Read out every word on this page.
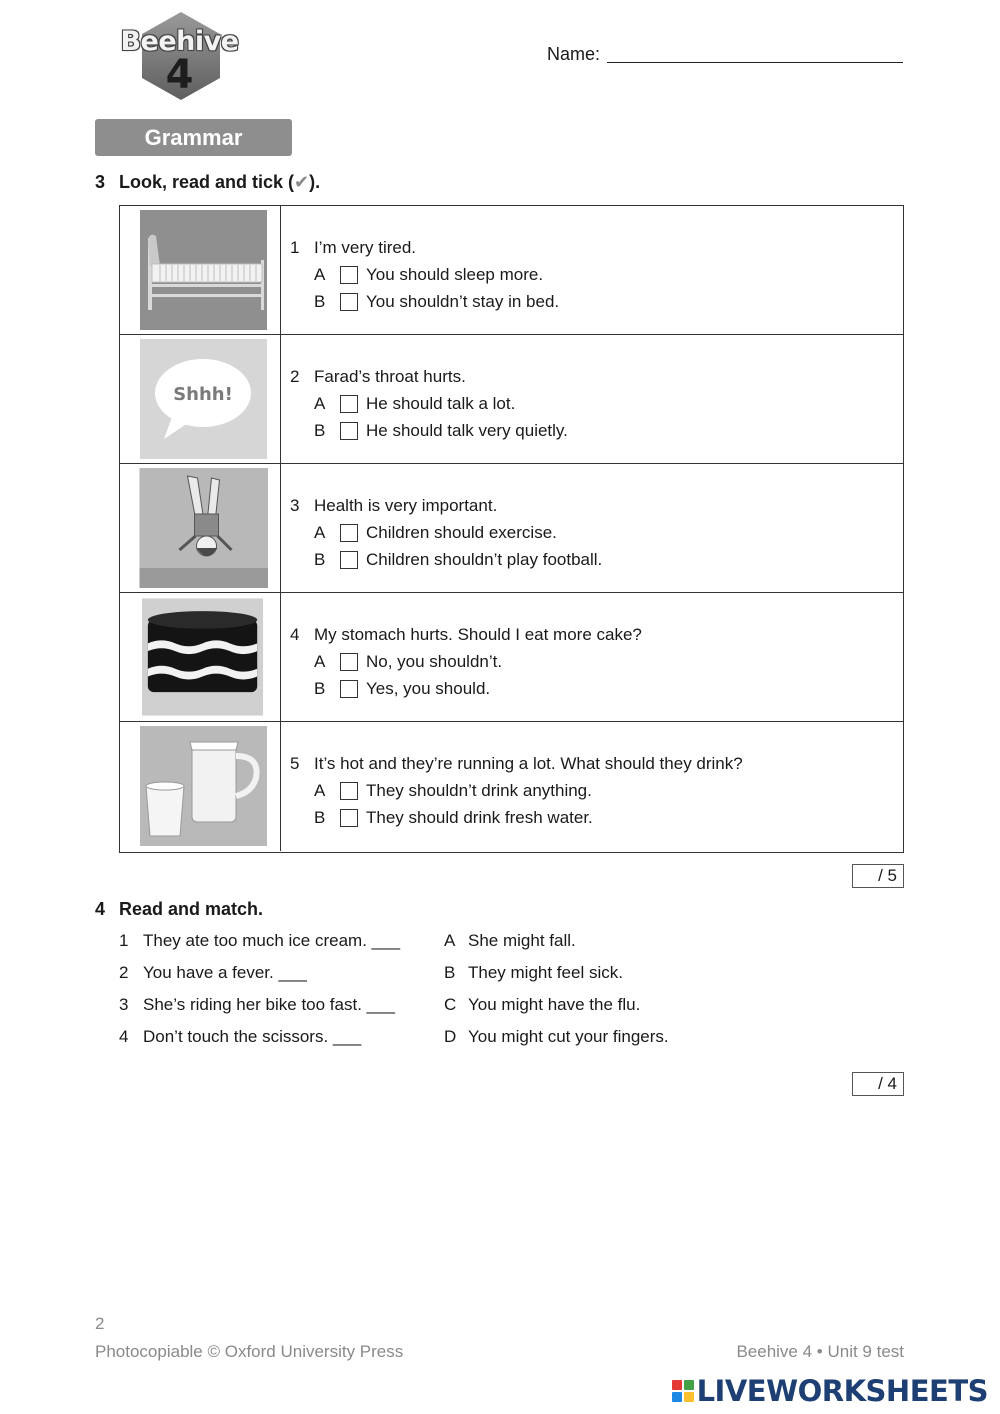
Beehive
4	Name:
Grammar
3 Look, read and tick (✔).
1 I’m very tired.
A	You should sleep more.
B	You shouldn’t stay in bed.
Shhh!
2 Farad’s throat hurts.
A	He should talk a lot.
B	He should talk very quietly.
3 Health is very important.
A	Children should exercise.
B	Children shouldn’t play football.
4 My stomach hurts. Should I eat more cake?
A	No, you shouldn’t.
B	Yes, you should.
5 It’s hot and they’re running a lot. What should they drink?
A	They shouldn’t drink anything.
B	They should drink fresh water.
/ 5
4 Read and match.
1 They ate too much ice cream. ___
2 You have a fever. ___
3 She’s riding her bike too fast. ___
4 Don’t touch the scissors. ___
A She might fall.
B They might feel sick.
C You might have the flu.
D You might cut your fingers.
/ 4
2
Photocopiable © Oxford University Press	Beehive 4 • Unit 9 test
LIVEWORKSHEETS
